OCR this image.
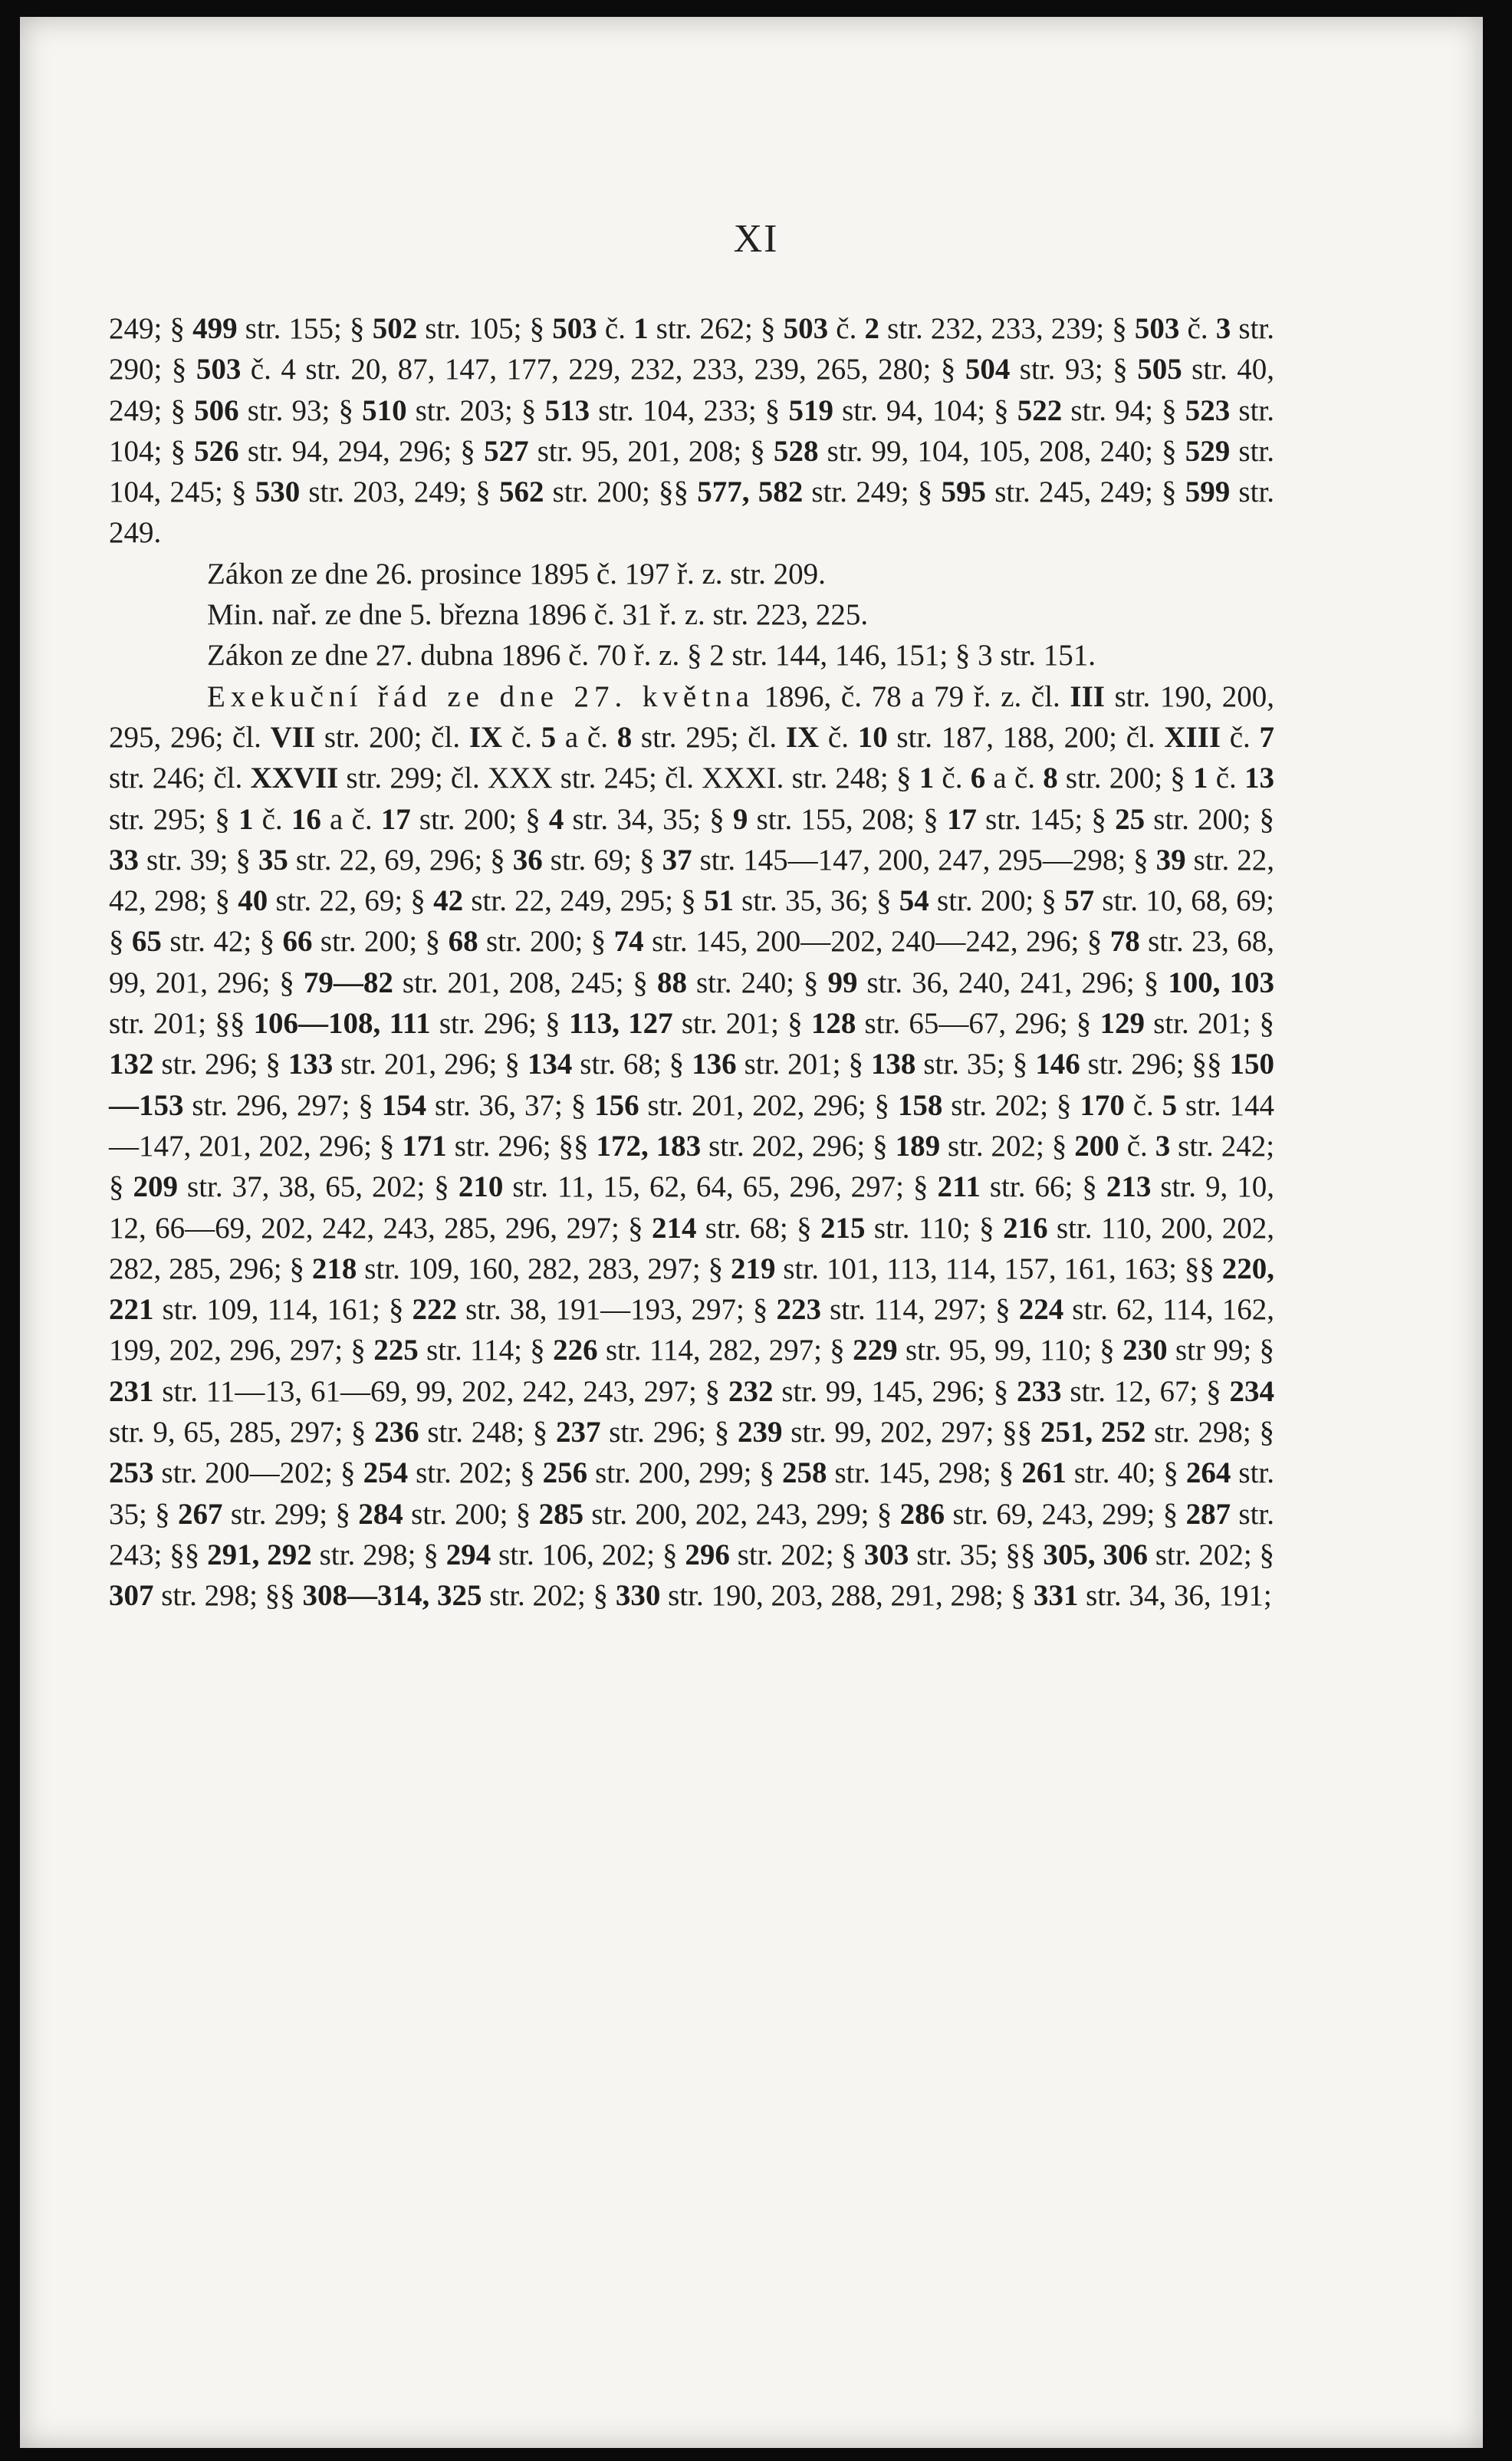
XI

249; § 499 str. 155; § 502 str. 105; § 503 č. 1 str. 262; § 503 č. 2 str. 232, 233, 239; § 503 č. 3 str. 290; § 503 č. 4 str. 20, 87, 147, 177, 229, 232, 233, 239, 265, 280; § 504 str. 93; § 505 str. 40, 249; § 506 str. 93; § 510 str. 203; § 513 str. 104, 233; § 519 str. 94, 104; § 522 str. 94; § 523 str. 104; § 526 str. 94, 294, 296; § 527 str. 95, 201, 208; § 528 str. 99, 104, 105, 208, 240; § 529 str. 104, 245; § 530 str. 203, 249; § 562 str. 200; §§ 577, 582 str. 249; § 595 str. 245, 249; § 599 str. 249.

Zákon ze dne 26. prosince 1895 č. 197 ř. z. str. 209.

Min. nař. ze dne 5. března 1896 č. 31 ř. z. str. 223, 225.

Zákon ze dne 27. dubna 1896 č. 70 ř. z. § 2 str. 144, 146, 151; § 3 str. 151.

Exekuční řád ze dne 27. května 1896, č. 78 a 79 ř. z. čl. III str. 190, 200, 295, 296; čl. VII str. 200; čl. IX č. 5 a č. 8 str. 295; čl. IX č. 10 str. 187, 188, 200; čl. XIII č. 7 str. 246; čl. XXVII str. 299; čl. XXX str. 245; čl. XXXI. str. 248; § 1 č. 6 a č. 8 str. 200; § 1 č. 13 str. 295; § 1 č. 16 a č. 17 str. 200; § 4 str. 34, 35; § 9 str. 155, 208; § 17 str. 145; § 25 str. 200; § 33 str. 39; § 35 str. 22, 69, 296; § 36 str. 69; § 37 str. 145—147, 200, 247, 295—298; § 39 str. 22, 42, 298; § 40 str. 22, 69; § 42 str. 22, 249, 295; § 51 str. 35, 36; § 54 str. 200; § 57 str. 10, 68, 69; § 65 str. 42; § 66 str. 200; § 68 str. 200; § 74 str. 145, 200—202, 240—242, 296; § 78 str. 23, 68, 99, 201, 296; § 79—82 str. 201, 208, 245; § 88 str. 240; § 99 str. 36, 240, 241, 296; § 100, 103 str. 201; §§ 106—108, 111 str. 296; § 113, 127 str. 201; § 128 str. 65—67, 296; § 129 str. 201; § 132 str. 296; § 133 str. 201, 296; § 134 str. 68; § 136 str. 201; § 138 str. 35; § 146 str. 296; §§ 150—153 str. 296, 297; § 154 str. 36, 37; § 156 str. 201, 202, 296; § 158 str. 202; § 170 č. 5 str. 144—147, 201, 202, 296; § 171 str. 296; §§ 172, 183 str. 202, 296; § 189 str. 202; § 200 č. 3 str. 242; § 209 str. 37, 38, 65, 202; § 210 str. 11, 15, 62, 64, 65, 296, 297; § 211 str. 66; § 213 str. 9, 10, 12, 66—69, 202, 242, 243, 285, 296, 297; § 214 str. 68; § 215 str. 110; § 216 str. 110, 200, 202, 282, 285, 296; § 218 str. 109, 160, 282, 283, 297; § 219 str. 101, 113, 114, 157, 161, 163; §§ 220, 221 str. 109, 114, 161; § 222 str. 38, 191—193, 297; § 223 str. 114, 297; § 224 str. 62, 114, 162, 199, 202, 296, 297; § 225 str. 114; § 226 str. 114, 282, 297; § 229 str. 95, 99, 110; § 230 str 99; § 231 str. 11—13, 61—69, 99, 202, 242, 243, 297; § 232 str. 99, 145, 296; § 233 str. 12, 67; § 234 str. 9, 65, 285, 297; § 236 str. 248; § 237 str. 296; § 239 str. 99, 202, 297; §§ 251, 252 str. 298; § 253 str. 200—202; § 254 str. 202; § 256 str. 200, 299; § 258 str. 145, 298; § 261 str. 40; § 264 str. 35; § 267 str. 299; § 284 str. 200; § 285 str. 200, 202, 243, 299; § 286 str. 69, 243, 299; § 287 str. 243; §§ 291, 292 str. 298; § 294 str. 106, 202; § 296 str. 202; § 303 str. 35; §§ 305, 306 str. 202; § 307 str. 298; §§ 308—314, 325 str. 202; § 330 str. 190, 203, 288, 291, 298; § 331 str. 34, 36, 191;
